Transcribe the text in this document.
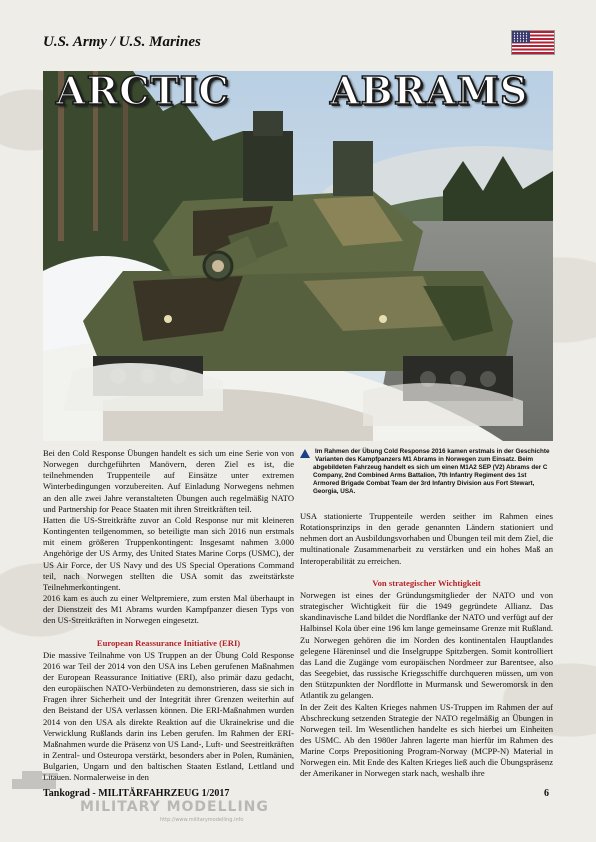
U.S. Army / U.S. Marines
ARCTIC	ABRAMS

Bei den Cold Response Übungen handelt es sich um eine Serie von von Norwegen durchgeführten Manövern, deren Ziel es ist, die teilnehmenden Truppenteile auf Einsätze unter extremen Winterbedingungen vorzubereiten. Auf Einladung Norwegens nehmen an den alle zwei Jahre veranstalteten Übungen auch regelmäßig NATO und Partnership for Peace Staaten mit ihren Streitkräften teil.

Hatten die US-Streitkräfte zuvor an Cold Response nur mit kleineren Kontingenten teilgenommen, so beteiligte man sich 2016 nun erstmals mit einem größeren Truppenkontingent: Insgesamt nahmen 3.000 Angehörige der US Army, des United States Marine Corps (USMC), der US Air Force, der US Navy und des US Special Operations Command teil, nach Norwegen stellten die USA somit das zweitstärkste Teilnehmerkontingent.

2016 kam es auch zu einer Weltpremiere, zum ersten Mal überhaupt in der Dienstzeit des M1 Abrams wurden Kampfpanzer diesen Typs von den US-Streitkräften in Norwegen eingesetzt.

European Reassurance Initiative (ERI)

Die massive Teilnahme von US Truppen an der Übung Cold Response 2016 war Teil der 2014 von den USA ins Leben gerufenen Maßnahmen der European Reassurance Initiative (ERI), also primär dazu gedacht, den europäischen NATO-Verbündeten zu demonstrieren, dass sie sich in Fragen ihrer Sicherheit und der Integrität ihrer Grenzen weiterhin auf den Beistand der USA verlassen können. Die ERI-Maßnahmen wurden 2014 von den USA als direkte Reaktion auf die Ukrainekrise und die Verwicklung Rußlands darin ins Leben gerufen. Im Rahmen der ERI-Maßnahmen wurde die Präsenz von US Land-, Luft- und Seestreitkräften in Zentral- und Osteuropa verstärkt, besonders aber in Polen, Rumänien, Bulgarien, Ungarn und den baltischen Staaten Estland, Lettland und Litauen. Normalerweise in den

Im Rahmen der Übung Cold Response 2016 kamen erstmals in der Geschichte Varianten des Kampfpanzers M1 Abrams in Norwegen zum Einsatz. Beim abgebildeten Fahrzeug handelt es sich um einen M1A2 SEP (V2) Abrams der C Company, 2nd Combined Arms Battalion, 7th Infantry Regiment des 1st Armored Brigade Combat Team der 3rd Infantry Division aus Fort Stewart, Georgia, USA.

USA stationierte Truppenteile werden seither im Rahmen eines Rotationsprinzips in den gerade genannten Ländern stationiert und nehmen dort an Ausbildungsvorhaben und Übungen teil mit dem Ziel, die multinationale Zusammenarbeit zu verstärken und ein hohes Maß an Interoperabilität zu erreichen.

Von strategischer Wichtigkeit

Norwegen ist eines der Gründungsmitglieder der NATO und von strategischer Wichtigkeit für die 1949 gegründete Allianz. Das skandinavische Land bildet die Nordflanke der NATO und verfügt auf der Halbinsel Kola über eine 196 km lange gemeinsame Grenze mit Rußland. Zu Norwegen gehören die im Norden des kontinentalen Hauptlandes gelegene Häreninsel und die Inselgruppe Spitzbergen. Somit kontrolliert das Land die Zugänge vom europäischen Nordmeer zur Barentsee, also das Seegebiet, das russische Kriegsschiffe durchqueren müssen, um von den Stützpunkten der Nordflotte in Murmansk und Seweromorsk in den Atlantik zu gelangen.

In der Zeit des Kalten Krieges nahmen US-Truppen im Rahmen der auf Abschreckung setzenden Strategie der NATO regelmäßig an Übungen in Norwegen teil. Im Wesentlichen handelte es sich hierbei um Einheiten des USMC. Ab den 1980er Jahren lagerte man hierfür im Rahmen des Marine Corps Prepositioning Program-Norway (MCPP-N) Material in Norwegen ein. Mit Ende des Kalten Krieges ließ auch die Übungspräsenz der Amerikaner in Norwegen stark nach, weshalb ihre

MILITARY MODELLING
http://www.militarymodelling.info
Tankograd - MILITÄRFAHRZEUG 1/2017	6
